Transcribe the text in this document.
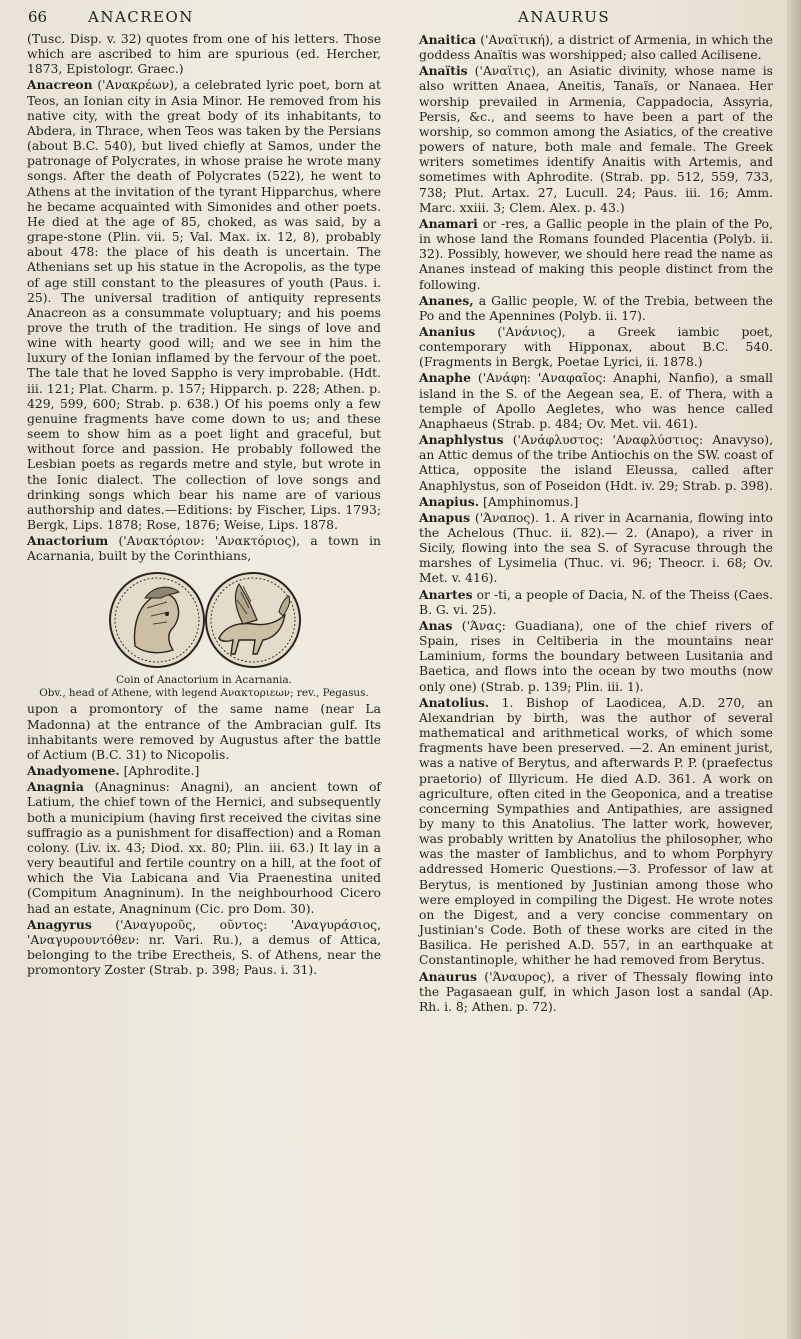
66	ANACREON	ANAURUS

(Tusc. Disp. v. 32) quotes from one of his letters. Those which are ascribed to him are spurious (ed. Hercher, 1873, Epistologr. Graec.)

Anacreon ('Ανακρέων), a celebrated lyric poet, born at Teos, an Ionian city in Asia Minor. He removed from his native city, with the great body of its inhabitants, to Abdera, in Thrace, when Teos was taken by the Persians (about B.C. 540), but lived chiefly at Samos, under the patronage of Polycrates, in whose praise he wrote many songs. After the death of Polycrates (522), he went to Athens at the invitation of the tyrant Hipparchus, where he became acquainted with Simonides and other poets. He died at the age of 85, choked, as was said, by a grape-stone (Plin. vii. 5; Val. Max. ix. 12, 8), probably about 478: the place of his death is uncertain. The Athenians set up his statue in the Acropolis, as the type of age still constant to the pleasures of youth (Paus. i. 25). The universal tradition of antiquity represents Anacreon as a consummate voluptuary; and his poems prove the truth of the tradition. He sings of love and wine with hearty good will; and we see in him the luxury of the Ionian inflamed by the fervour of the poet. The tale that he loved Sappho is very improbable. (Hdt. iii. 121; Plat. Charm. p. 157; Hipparch. p. 228; Athen. p. 429, 599, 600; Strab. p. 638.) Of his poems only a few genuine fragments have come down to us; and these seem to show him as a poet light and graceful, but without force and passion. He probably followed the Lesbian poets as regards metre and style, but wrote in the Ionic dialect. The collection of love songs and drinking songs which bear his name are of various authorship and dates.—Editions: by Fischer, Lips. 1793; Bergk, Lips. 1878; Rose, 1876; Weise, Lips. 1878.

Anactorium ('Ανακτόριον: 'Ανακτόριος), a town in Acarnania, built by the Corinthians,

Coin of Anactorium in Acarnania.

Obv., head of Athene, with legend Ανακτοριεων; rev., Pegasus.

upon a promontory of the same name (near La Madonna) at the entrance of the Ambracian gulf. Its inhabitants were removed by Augustus after the battle of Actium (B.C. 31) to Nicopolis.

Anadyomene. [Aphrodite.]

Anagnia (Anagninus: Anagni), an ancient town of Latium, the chief town of the Hernici, and subsequently both a municipium (having first received the civitas sine suffragio as a punishment for disaffection) and a Roman colony. (Liv. ix. 43; Diod. xx. 80; Plin. iii. 63.) It lay in a very beautiful and fertile country on a hill, at the foot of which the Via Labicana and Via Praenestina united (Compitum Anagninum). In the neighbourhood Cicero had an estate, Anagninum (Cic. pro Dom. 30).

Anagyrus ('Αναγυροῦς, οῦντος: 'Αναγυράσιος, 'Αναγυρουντόθεν: nr. Vari. Ru.), a demus of Attica, belonging to the tribe Erectheis, S. of Athens, near the promontory Zoster (Strab. p. 398; Paus. i. 31).

Anaitica ('Αναϊτική), a district of Armenia, in which the goddess Anaïtis was worshipped; also called Acilisene.

Anaïtis ('Αναϊτις), an Asiatic divinity, whose name is also written Anaea, Aneitis, Tanaïs, or Nanaea. Her worship prevailed in Armenia, Cappadocia, Assyria, Persis, &c., and seems to have been a part of the worship, so common among the Asiatics, of the creative powers of nature, both male and female. The Greek writers sometimes identify Anaitis with Artemis, and sometimes with Aphrodite. (Strab. pp. 512, 559, 733, 738; Plut. Artax. 27, Lucull. 24; Paus. iii. 16; Amm. Marc. xxiii. 3; Clem. Alex. p. 43.)

Anamari or -res, a Gallic people in the plain of the Po, in whose land the Romans founded Placentia (Polyb. ii. 32). Possibly, however, we should here read the name as Ananes instead of making this people distinct from the following.

Ananes, a Gallic people, W. of the Trebia, between the Po and the Apennines (Polyb. ii. 17).

Ananius ('Ανάνιος), a Greek iambic poet, contemporary with Hipponax, about B.C. 540. (Fragments in Bergk, Poetae Lyrici, ii. 1878.)

Anaphe ('Ανάφη: 'Αναφαῖος: Anaphi, Nanfio), a small island in the S. of the Aegean sea, E. of Thera, with a temple of Apollo Aegletes, who was hence called Anaphaeus (Strab. p. 484; Ov. Met. vii. 461).

Anaphlystus ('Ανάφλυστος: 'Αναφλύστιος: Anavyso), an Attic demus of the tribe Antiochis on the SW. coast of Attica, opposite the island Eleussa, called after Anaphlystus, son of Poseidon (Hdt. iv. 29; Strab. p. 398).

Anapius. [Amphinomus.]

Anapus ('Άναπος). 1. A river in Acarnania, flowing into the Achelous (Thuc. ii. 82).— 2. (Anapo), a river in Sicily, flowing into the sea S. of Syracuse through the marshes of Lysimelia (Thuc. vi. 96; Theocr. i. 68; Ov. Met. v. 416).

Anartes or -ti, a people of Dacia, N. of the Theiss (Caes. B. G. vi. 25).

Anas ('Άνας: Guadiana), one of the chief rivers of Spain, rises in Celtiberia in the mountains near Laminium, forms the boundary between Lusitania and Baetica, and flows into the ocean by two mouths (now only one) (Strab. p. 139; Plin. iii. 1).

Anatolius. 1. Bishop of Laodicea, A.D. 270, an Alexandrian by birth, was the author of several mathematical and arithmetical works, of which some fragments have been preserved. —2. An eminent jurist, was a native of Berytus, and afterwards P. P. (praefectus praetorio) of Illyricum. He died A.D. 361. A work on agriculture, often cited in the Geoponica, and a treatise concerning Sympathies and Antipathies, are assigned by many to this Anatolius. The latter work, however, was probably written by Anatolius the philosopher, who was the master of Iamblichus, and to whom Porphyry addressed Homeric Questions.—3. Professor of law at Berytus, is mentioned by Justinian among those who were employed in compiling the Digest. He wrote notes on the Digest, and a very concise commentary on Justinian's Code. Both of these works are cited in the Basilica. He perished A.D. 557, in an earthquake at Constantinople, whither he had removed from Berytus.

Anaurus ('Άναυρος), a river of Thessaly flowing into the Pagasaean gulf, in which Jason lost a sandal (Ap. Rh. i. 8; Athen. p. 72).
